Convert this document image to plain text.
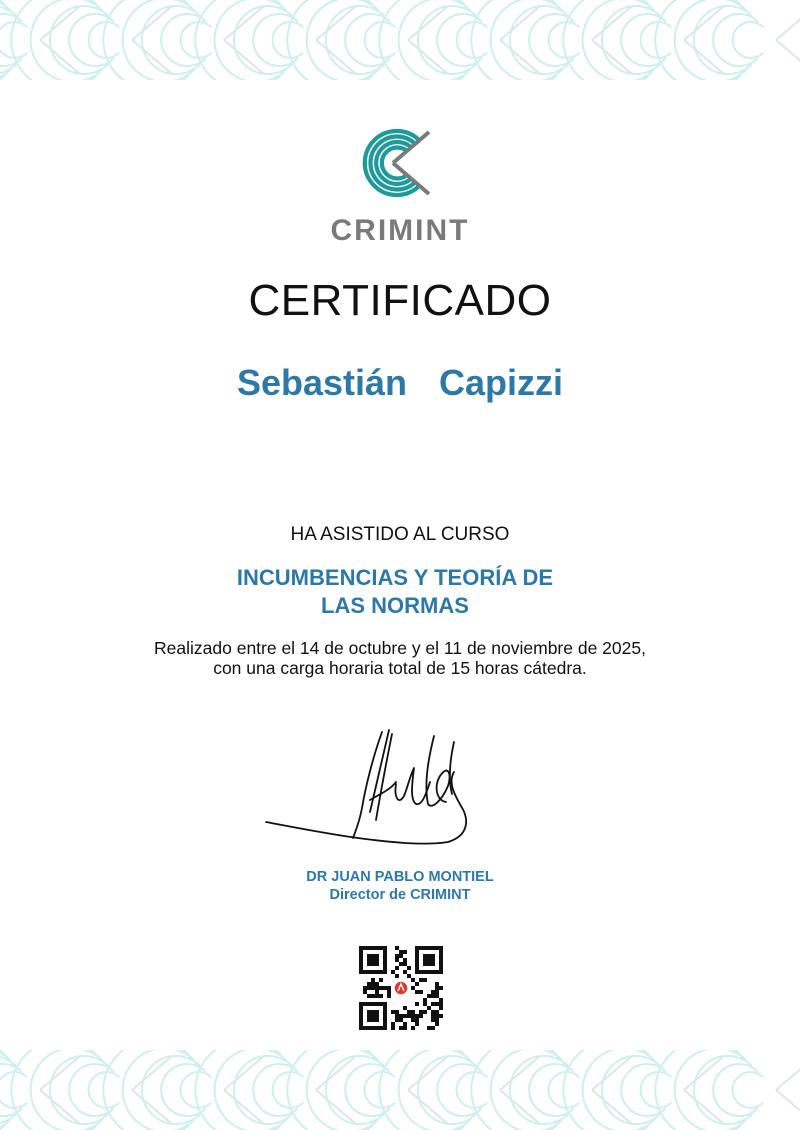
CRIMINT
CERTIFICADO
Sebastián  Capizzi
HA ASISTIDO AL CURSO
INCUMBENCIAS Y TEORÍA DE
LAS NORMAS
Realizado entre el 14 de octubre y el 11 de noviembre de 2025,
con una carga horaria total de 15 horas cátedra.
DR JUAN PABLO MONTIEL
Director de CRIMINT
